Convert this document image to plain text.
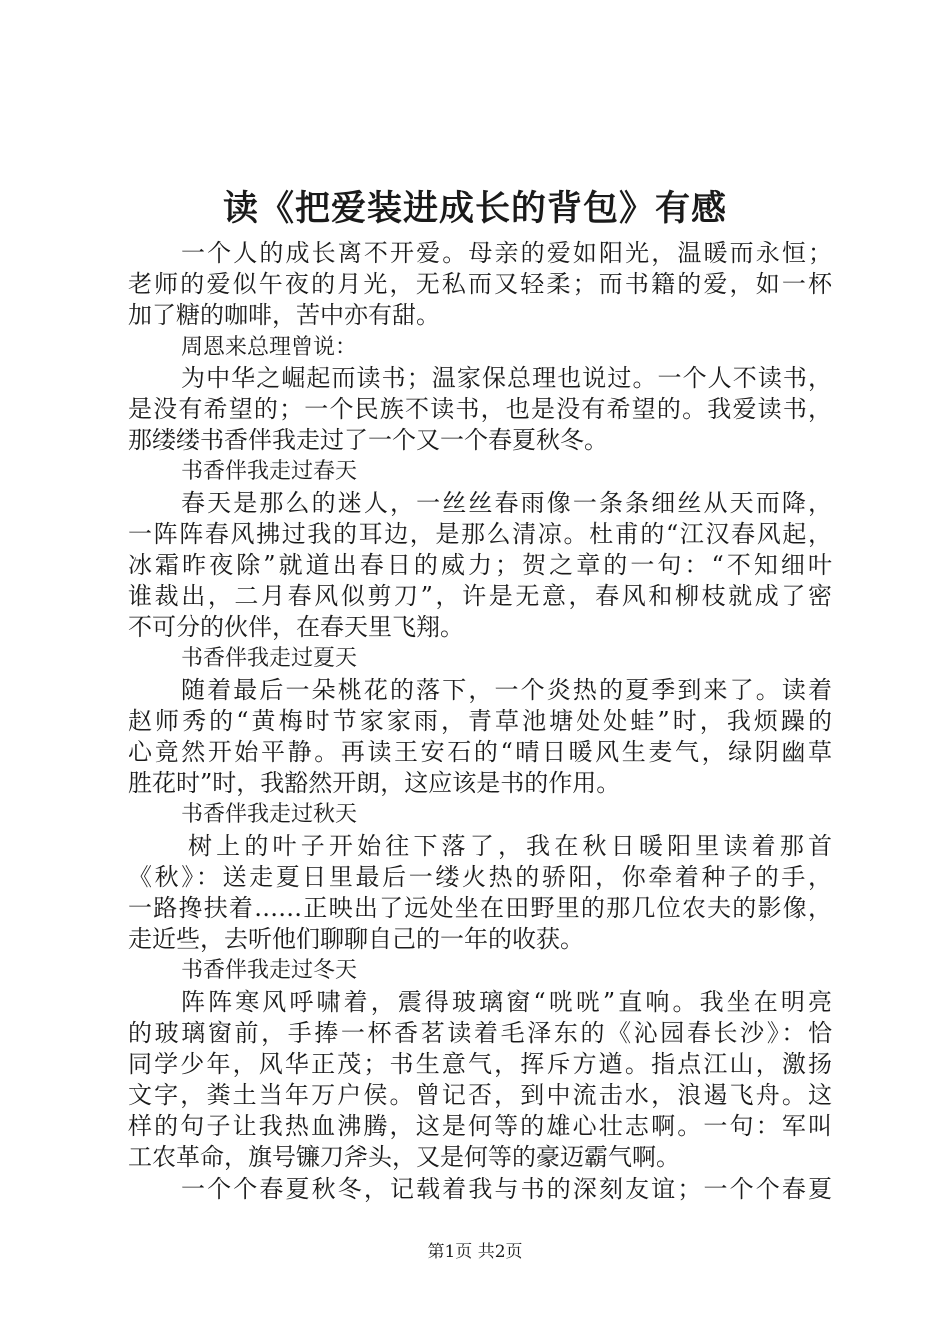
读《把爱装进成长的背包》有感
一个人的成长离不开爱。母亲的爱如阳光，温暖而永恒；
老师的爱似午夜的月光，无私而又轻柔；而书籍的爱，如一杯
加了糖的咖啡，苦中亦有甜。
周恩来总理曾说：
为中华之崛起而读书；温家保总理也说过。一个人不读书，
是没有希望的；一个民族不读书，也是没有希望的。我爱读书，
那缕缕书香伴我走过了一个又一个春夏秋冬。
书香伴我走过春天
春天是那么的迷人，一丝丝春雨像一条条细丝从天而降，
一阵阵春风拂过我的耳边，是那么清凉。杜甫的“江汉春风起，
冰霜昨夜除”就道出春日的威力；贺之章的一句：“不知细叶
谁裁出，二月春风似剪刀”，许是无意，春风和柳枝就成了密
不可分的伙伴，在春天里飞翔。
书香伴我走过夏天
随着最后一朵桃花的落下，一个炎热的夏季到来了。读着
赵师秀的“黄梅时节家家雨，青草池塘处处蛙”时，我烦躁的
心竟然开始平静。再读王安石的“晴日暖风生麦气，绿阴幽草
胜花时”时，我豁然开朗，这应该是书的作用。
书香伴我走过秋天
树上的叶子开始往下落了，我在秋日暖阳里读着那首
《秋》：送走夏日里最后一缕火热的骄阳，你牵着种子的手，
一路搀扶着……正映出了远处坐在田野里的那几位农夫的影像，
走近些，去听他们聊聊自己的一年的收获。
书香伴我走过冬天
阵阵寒风呼啸着，震得玻璃窗“咣咣”直响。我坐在明亮
的玻璃窗前，手捧一杯香茗读着毛泽东的《沁园春长沙》：恰
同学少年，风华正茂；书生意气，挥斥方遒。指点江山，激扬
文字，粪土当年万户侯。曾记否，到中流击水，浪遏飞舟。这
样的句子让我热血沸腾，这是何等的雄心壮志啊。一句：军叫
工农革命，旗号镰刀斧头，又是何等的豪迈霸气啊。
一个个春夏秋冬，记载着我与书的深刻友谊；一个个春夏
第1页 共2页
